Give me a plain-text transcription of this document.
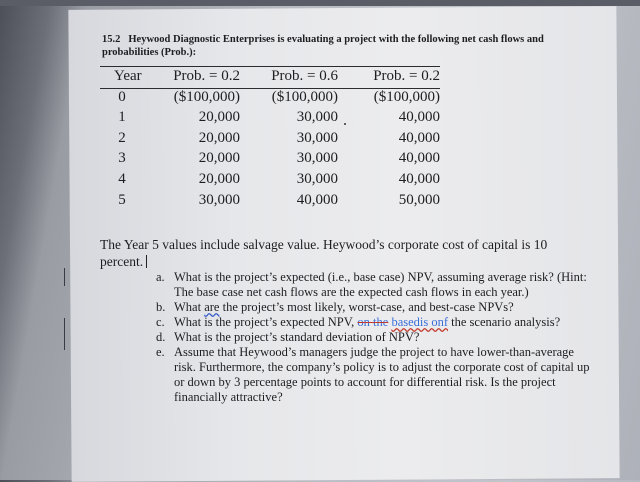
15.2 Heywood Diagnostic Enterprises is evaluating a project with the following net cash flows and probabilities (Prob.):
Year	Prob. = 0.2	Prob. = 0.6	Prob. = 0.2
0	($100,000)	($100,000)	($100,000)
1	20,000	30,000	40,000
2	20,000	30,000	40,000
3	20,000	30,000	40,000
4	20,000	30,000	40,000
5	30,000	40,000	50,000
The Year 5 values include salvage value. Heywood’s corporate cost of capital is 10 percent.
a. What is the project’s expected (i.e., base case) NPV, assuming average risk? (Hint: The base case net cash flows are the expected cash flows in each year.)
b. What are the project’s most likely, worst-case, and best-case NPVs?
c. What is the project’s expected NPV, on the basedis onf the scenario analysis?
d. What is the project’s standard deviation of NPV?
e. Assume that Heywood’s managers judge the project to have lower-than-average risk. Furthermore, the company’s policy is to adjust the corporate cost of capital up or down by 3 percentage points to account for differential risk. Is the project financially attractive?
